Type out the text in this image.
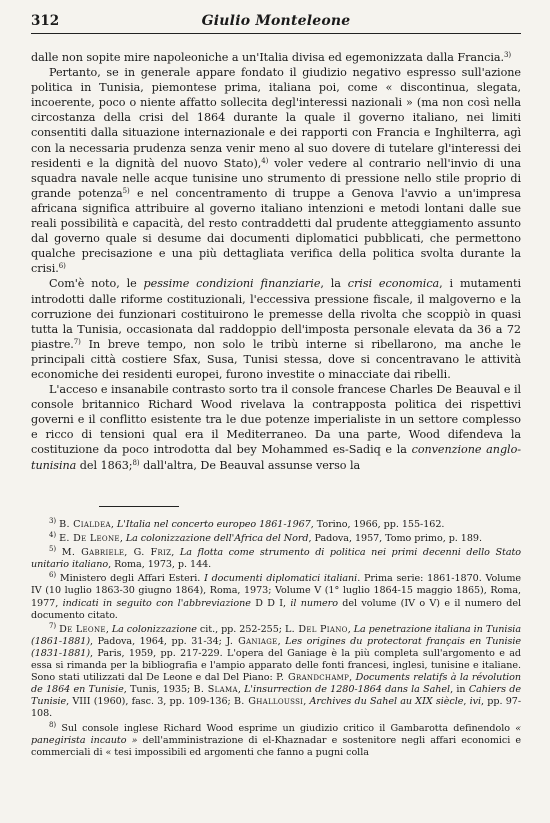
312	Giulio Monteleone

dalle non sopite mire napoleoniche a un'Italia divisa ed egemonizzata dalla Francia.$^{3)}$

Pertanto, se in generale appare fondato il giudizio negativo espresso sull'azione politica in Tunisia, piemontese prima, italiana poi, come « discontinua, slegata, incoerente, poco o niente affatto sollecita degl'interessi nazionali » (ma non così nella circostanza della crisi del 1864 durante la quale il governo italiano, nei limiti consentiti dalla situazione internazionale e dei rapporti con Francia e Inghilterra, agì con la necessaria prudenza senza venir meno al suo dovere di tutelare gl'interessi dei residenti e la dignità del nuovo Stato),$^{4)}$ voler vedere al contrario nell'invio di una squadra navale nelle acque tunisine uno strumento di pressione nello stile proprio di grande potenza$^{5)}$ e nel concentramento di truppe a Genova l'avvio a un'impresa africana significa attribuire al governo italiano intenzioni e metodi lontani dalle sue reali possibilità e capacità, del resto contraddetti dal prudente atteggiamento assunto dal governo quale si desume dai documenti diplomatici pubblicati, che permettono qualche precisazione e una più dettagliata verifica della politica svolta durante la crisi.$^{6)}$

Com'è noto, le pessime condizioni finanziarie, la crisi economica, i mutamenti introdotti dalle riforme costituzionali, l'eccessiva pressione fiscale, il malgoverno e la corruzione dei funzionari costituirono le premesse della rivolta che scoppiò in quasi tutta la Tunisia, occasionata dal raddoppio dell'imposta personale elevata da 36 a 72 piastre.$^{7)}$ In breve tempo, non solo le tribù interne si ribellarono, ma anche le principali città costiere Sfax, Susa, Tunisi stessa, dove si concentravano le attività economiche dei residenti europei, furono investite o minacciate dai ribelli.

L'acceso e insanabile contrasto sorto tra il console francese Charles De Beauval e il console britannico Richard Wood rivelava la contrapposta politica dei rispettivi governi e il conflitto esistente tra le due potenze imperialiste in un settore complesso e ricco di tensioni qual era il Mediterraneo. Da una parte, Wood difendeva la costituzione da poco introdotta dal bey Mohammed es-Sadiq e la convenzione anglo-tunisina del 1863;$^{8)}$ dall'altra, De Beauval assunse verso la

$^{3)}$ B. Cialdea, L'Italia nel concerto europeo 1861-1967, Torino, 1966, pp. 155-162.

$^{4)}$ E. De Leone, La colonizzazione dell'Africa del Nord, Padova, 1957, Tomo primo, p. 189.

$^{5)}$ M. Gabriele, G. Friz, La flotta come strumento di politica nei primi decenni dello Stato unitario italiano, Roma, 1973, p. 144.

$^{6)}$ Ministero degli Affari Esteri. I documenti diplomatici italiani. Prima serie: 1861-1870. Volume IV (10 luglio 1863-30 giugno 1864), Roma, 1973; Volume V (1° luglio 1864-15 maggio 1865), Roma, 1977, indicati in seguito con l'abbreviazione D D I, il numero del volume (IV o V) e il numero del documento citato.

$^{7)}$ De Leone, La colonizzazione cit., pp. 252-255; L. Del Piano, La penetrazione italiana in Tunisia (1861-1881), Padova, 1964, pp. 31-34; J. Ganiage, Les origines du protectorat français en Tunisie (1831-1881), Paris, 1959, pp. 217-229. L'opera del Ganiage è la più completa sull'argomento e ad essa si rimanda per la bibliografia e l'ampio apparato delle fonti francesi, inglesi, tunisine e italiane. Sono stati utilizzati dal De Leone e dal Del Piano: P. Grandchamp, Documents relatifs à la révolution de 1864 en Tunisie, Tunis, 1935; B. Slama, L'insurrection de 1280-1864 dans la Sahel, in Cahiers de Tunisie, VIII (1960), fasc. 3, pp. 109-136; B. Ghalloussi, Archives du Sahel au XIX siècle, ivi, pp. 97-108.

$^{8)}$ Sul console inglese Richard Wood esprime un giudizio critico il Gambarotta definendolo « panegirista incauto » dell'amministrazione di el-Khaznadar e sostenitore negli affari economici e commerciali di « tesi impossibili ed argomenti che fanno a pugni colla
